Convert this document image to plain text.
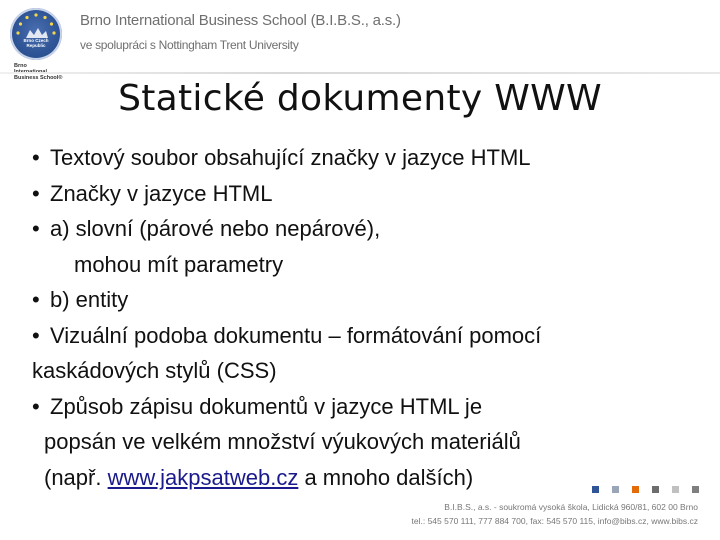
Brno Czech Republic
Brno
Business School®
Brno International Business School (B.I.B.S., a.s.)
ve spolupráci s Nottingham Trent University
Statické dokumenty WWW
• Textový soubor obsahující značky v jazyce HTML
• Značky v jazyce HTML
• a) slovní (párové nebo nepárové),
mohou mít parametry
• b) entity
• Vizuální podoba dokumentu – formátování pomocí
kaskádových stylů (CSS)
• Způsob zápisu dokumentů v jazyce HTML je
popsán ve velkém množství výukových materiálů
(např. www.jakpsatweb.cz a mnoho dalších)
B.I.B.S., a.s. - soukromá vysoká škola, Lidická 960/81, 602 00 Brno
tel.: 545 570 111, 777 884 700, fax: 545 570 115, info@bibs.cz, www.bibs.cz
